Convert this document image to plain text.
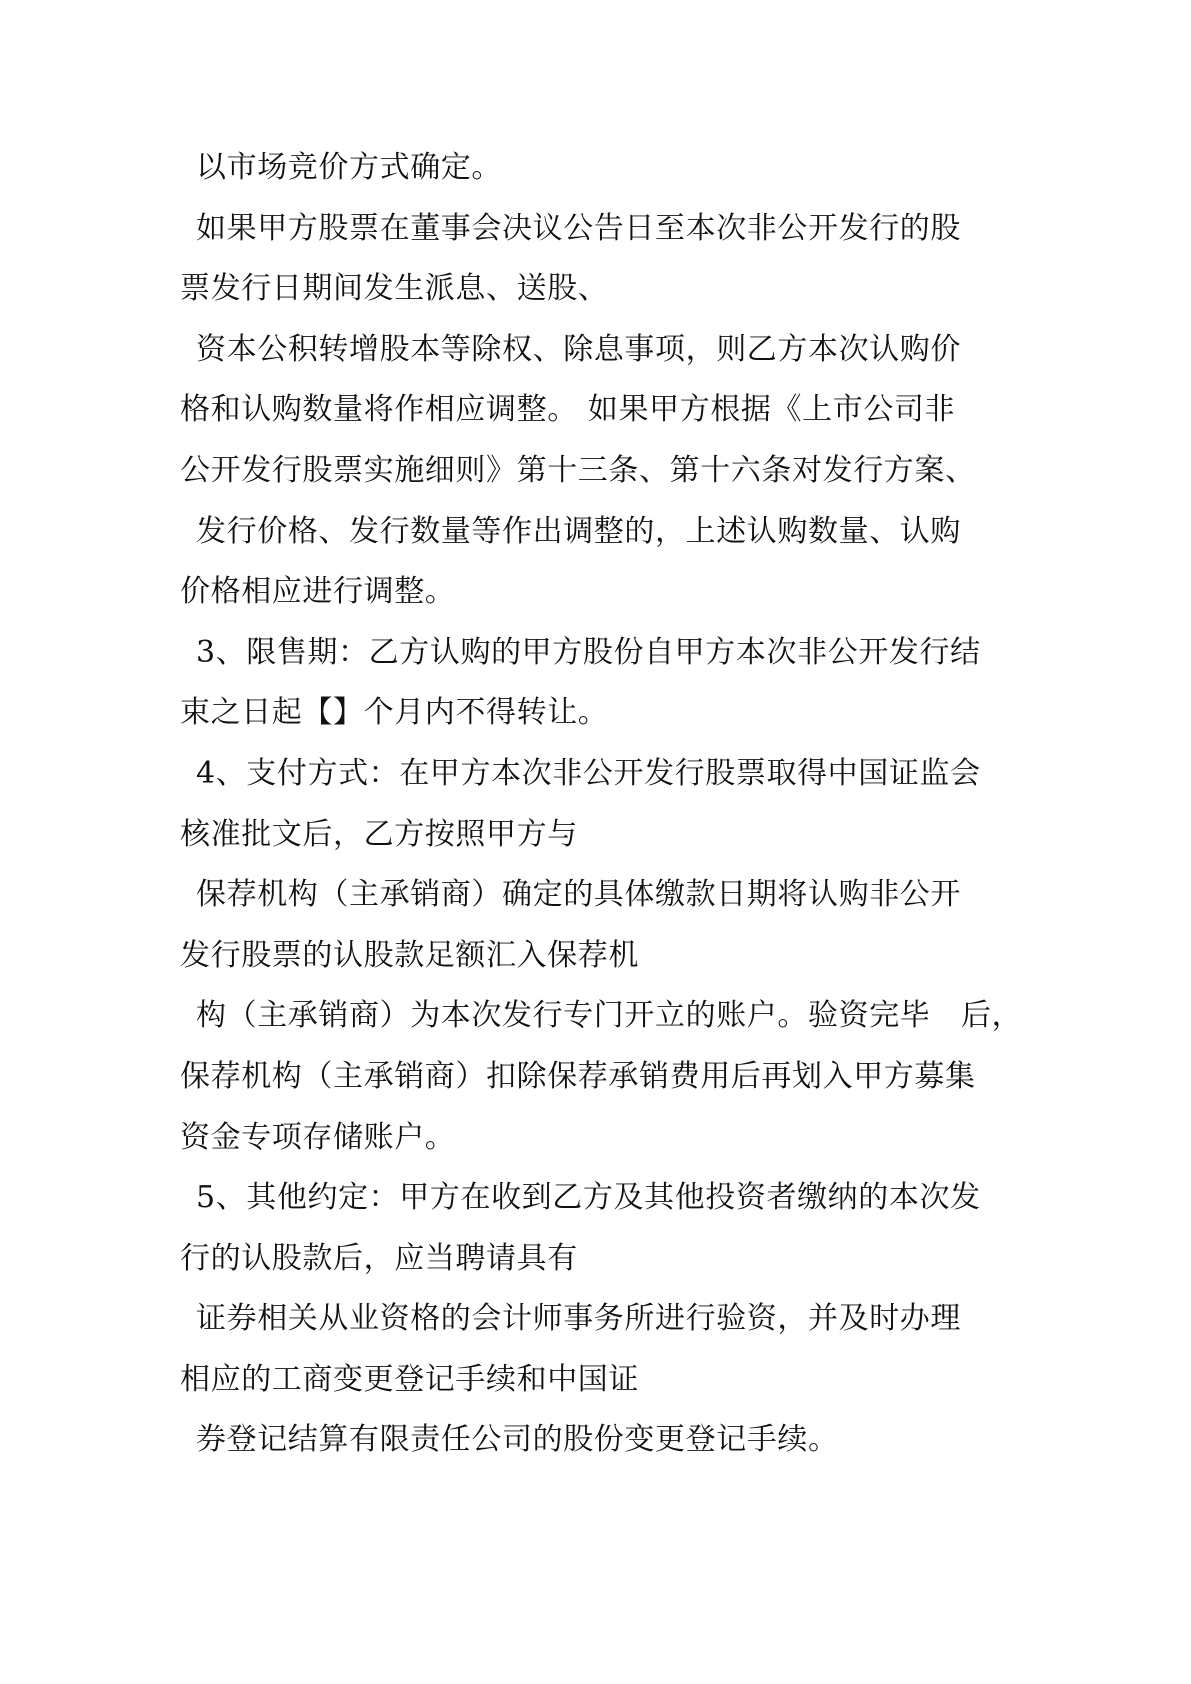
以市场竞价方式确定。
如果甲方股票在董事会决议公告日至本次非公开发行的股
票发行日期间发生派息、送股、
资本公积转增股本等除权、除息事项，则乙方本次认购价
格和认购数量将作相应调整。 如果甲方根据《上市公司非
公开发行股票实施细则》第十三条、第十六条对发行方案、
发行价格、发行数量等作出调整的，上述认购数量、认购
价格相应进行调整。
3、限售期：乙方认购的甲方股份自甲方本次非公开发行结
束之日起【】个月内不得转让。
4、支付方式：在甲方本次非公开发行股票取得中国证监会
核准批文后，乙方按照甲方与
保荐机构（主承销商）确定的具体缴款日期将认购非公开
发行股票的认股款足额汇入保荐机
构（主承销商）为本次发行专门开立的账户。验资完毕　后，
保荐机构（主承销商）扣除保荐承销费用后再划入甲方募集
资金专项存储账户。
5、其他约定：甲方在收到乙方及其他投资者缴纳的本次发
行的认股款后，应当聘请具有
证券相关从业资格的会计师事务所进行验资，并及时办理
相应的工商变更登记手续和中国证
券登记结算有限责任公司的股份变更登记手续。
